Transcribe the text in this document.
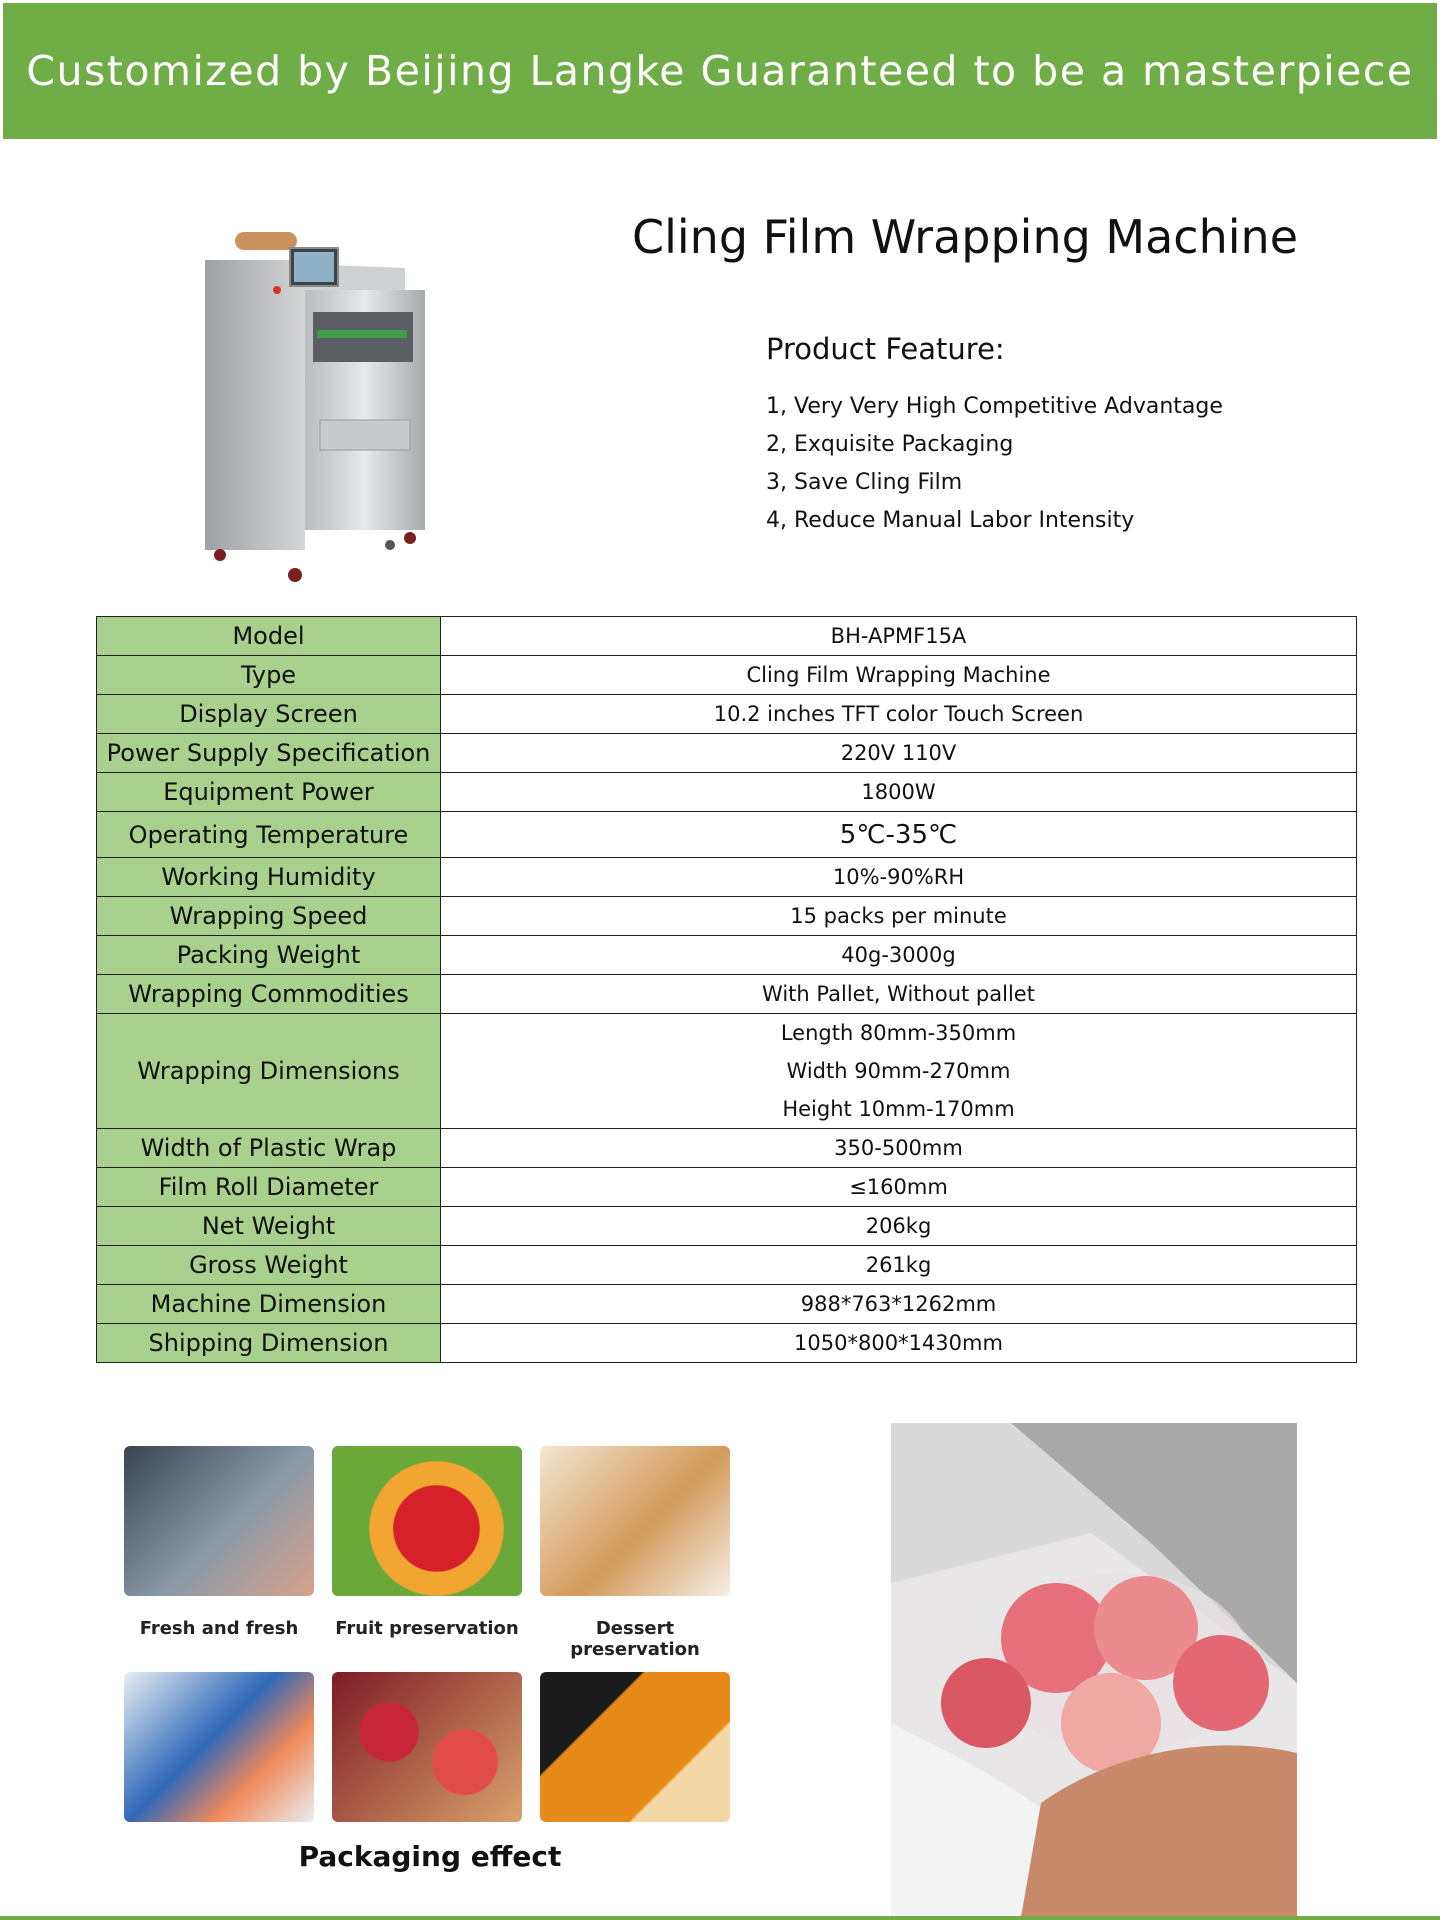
Customized by Beijing Langke Guaranteed to be a masterpiece
Cling Film Wrapping Machine
Product Feature:
1, Very Very High Competitive Advantage
2, Exquisite Packaging
3, Save Cling Film
4, Reduce Manual Labor Intensity
Model	BH-APMF15A
Type	Cling Film Wrapping Machine
Display Screen	10.2 inches TFT color Touch Screen
Power Supply Specification	220V 110V
Equipment Power	1800W
Operating Temperature	5℃-35℃

Working Humidity	10%-90%RH
Wrapping Speed	15 packs per minute
Packing Weight	40g-3000g
Wrapping Commodities	With Pallet, Without pallet
Wrapping Dimensions	Length 80mm-350mm
Width 90mm-270mm
Height 10mm-170mm

Width of Plastic Wrap	350-500mm
Film Roll Diameter	≤160mm
Net Weight	206kg
Gross Weight	261kg
Machine Dimension	988*763*1262mm
Shipping Dimension	1050*800*1430mm
Fresh and fresh	Fruit preservation	Dessert preservation
Packaging effect
